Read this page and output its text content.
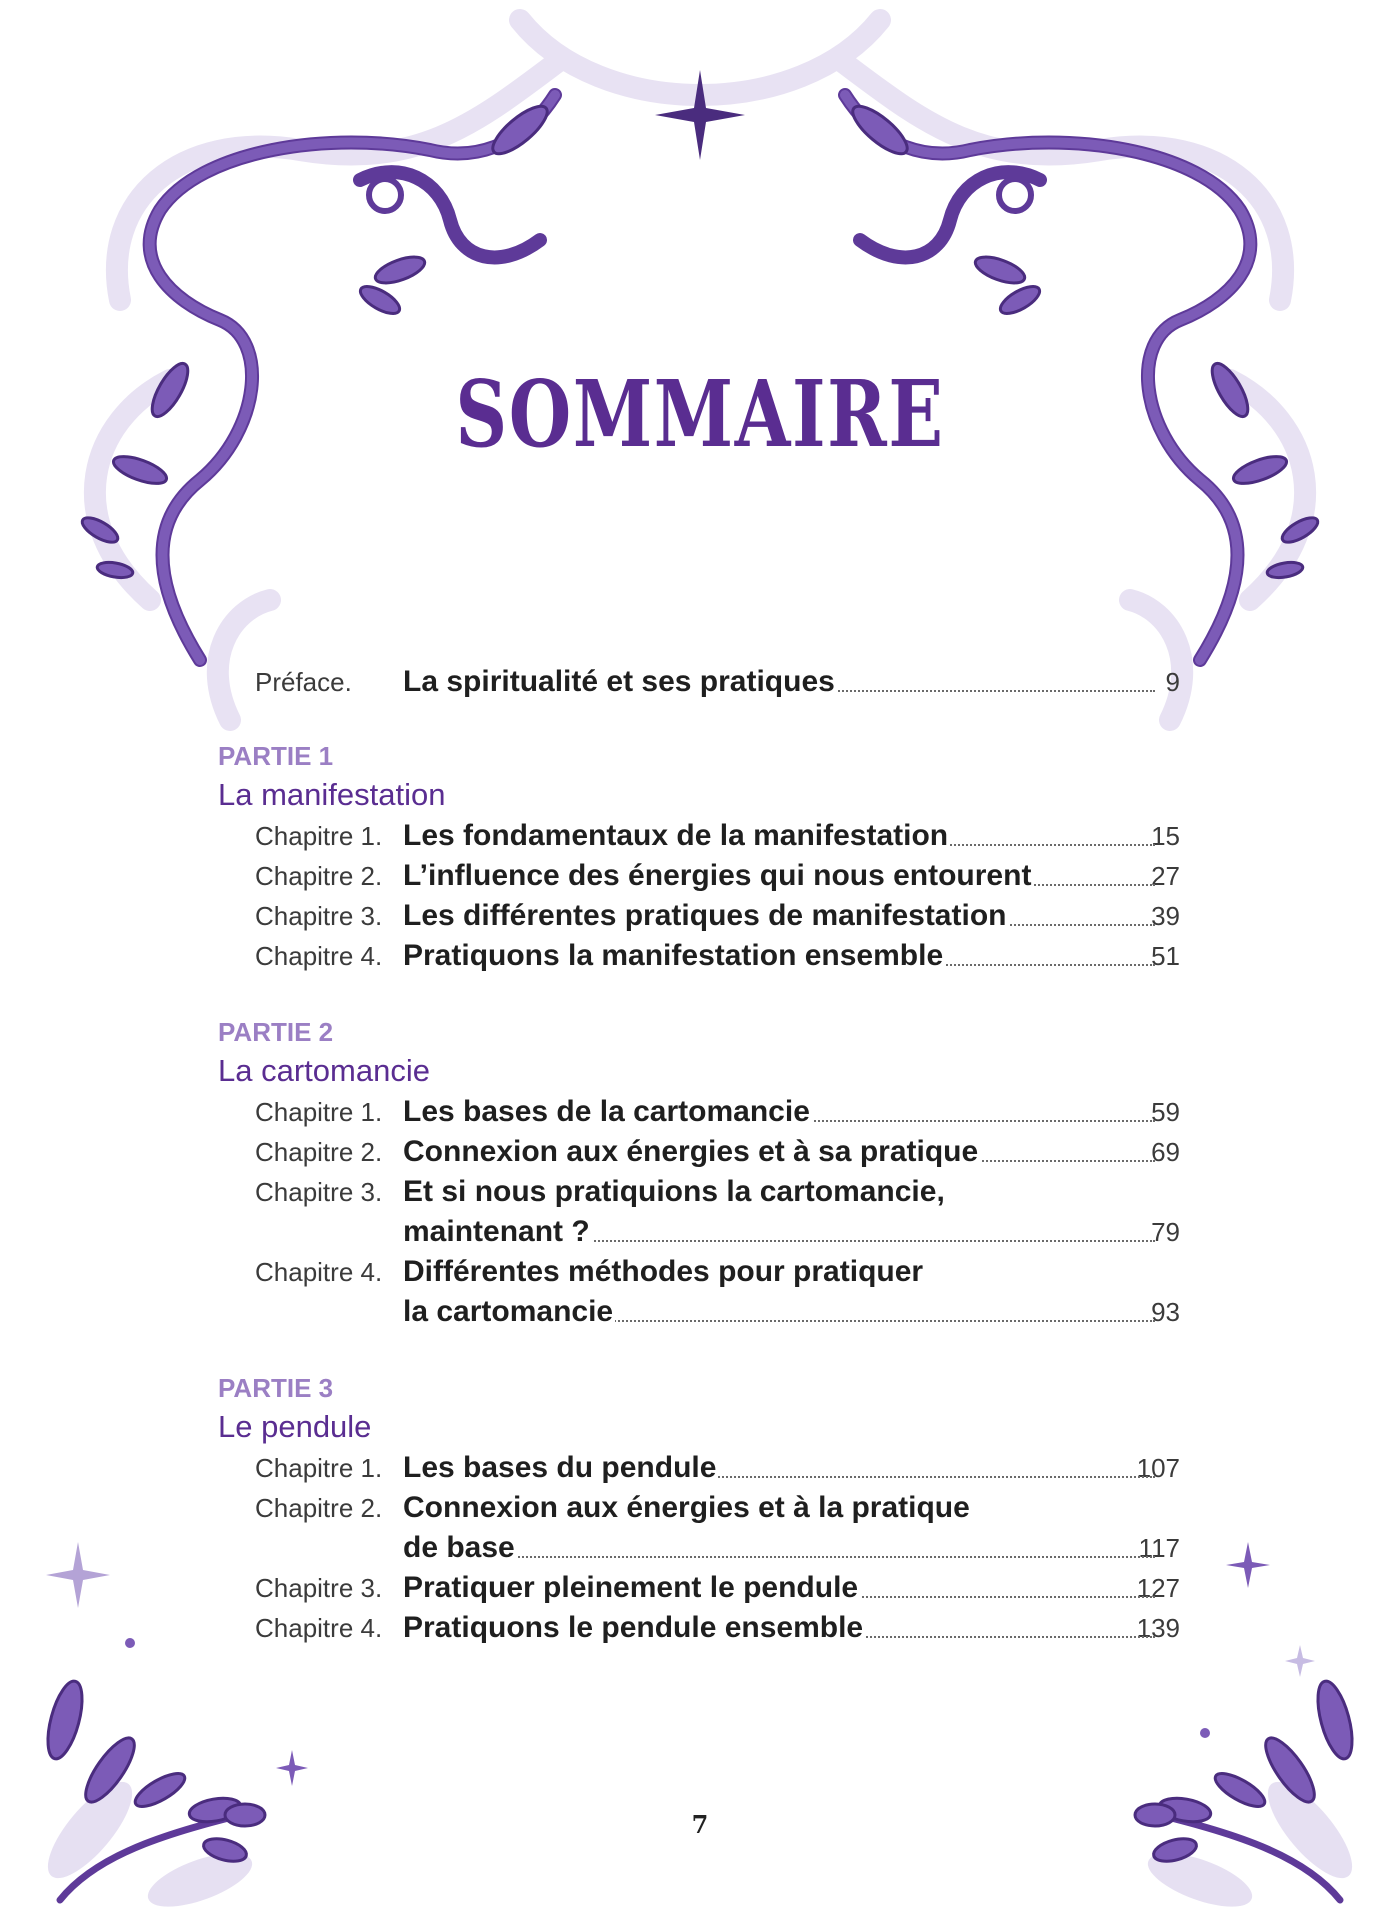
SOMMAIRE
Préface. La spiritualité et ses pratiques	9
PARTIE 1
La manifestation
Chapitre 1. Les fondamentaux de la manifestation	15
Chapitre 2. L’influence des énergies qui nous entourent	27
Chapitre 3. Les différentes pratiques de manifestation	39
Chapitre 4. Pratiquons la manifestation ensemble	51
PARTIE 2
La cartomancie
Chapitre 1. Les bases de la cartomancie	59
Chapitre 2. Connexion aux énergies et à sa pratique	69
Chapitre 3. Et si nous pratiquions la cartomancie,
maintenant ?	79
Chapitre 4. Différentes méthodes pour pratiquer
la cartomancie	93
PARTIE 3
Le pendule
Chapitre 1. Les bases du pendule	107
Chapitre 2. Connexion aux énergies et à la pratique
de base	117
Chapitre 3. Pratiquer pleinement le pendule	127
Chapitre 4. Pratiquons le pendule ensemble	139
7
